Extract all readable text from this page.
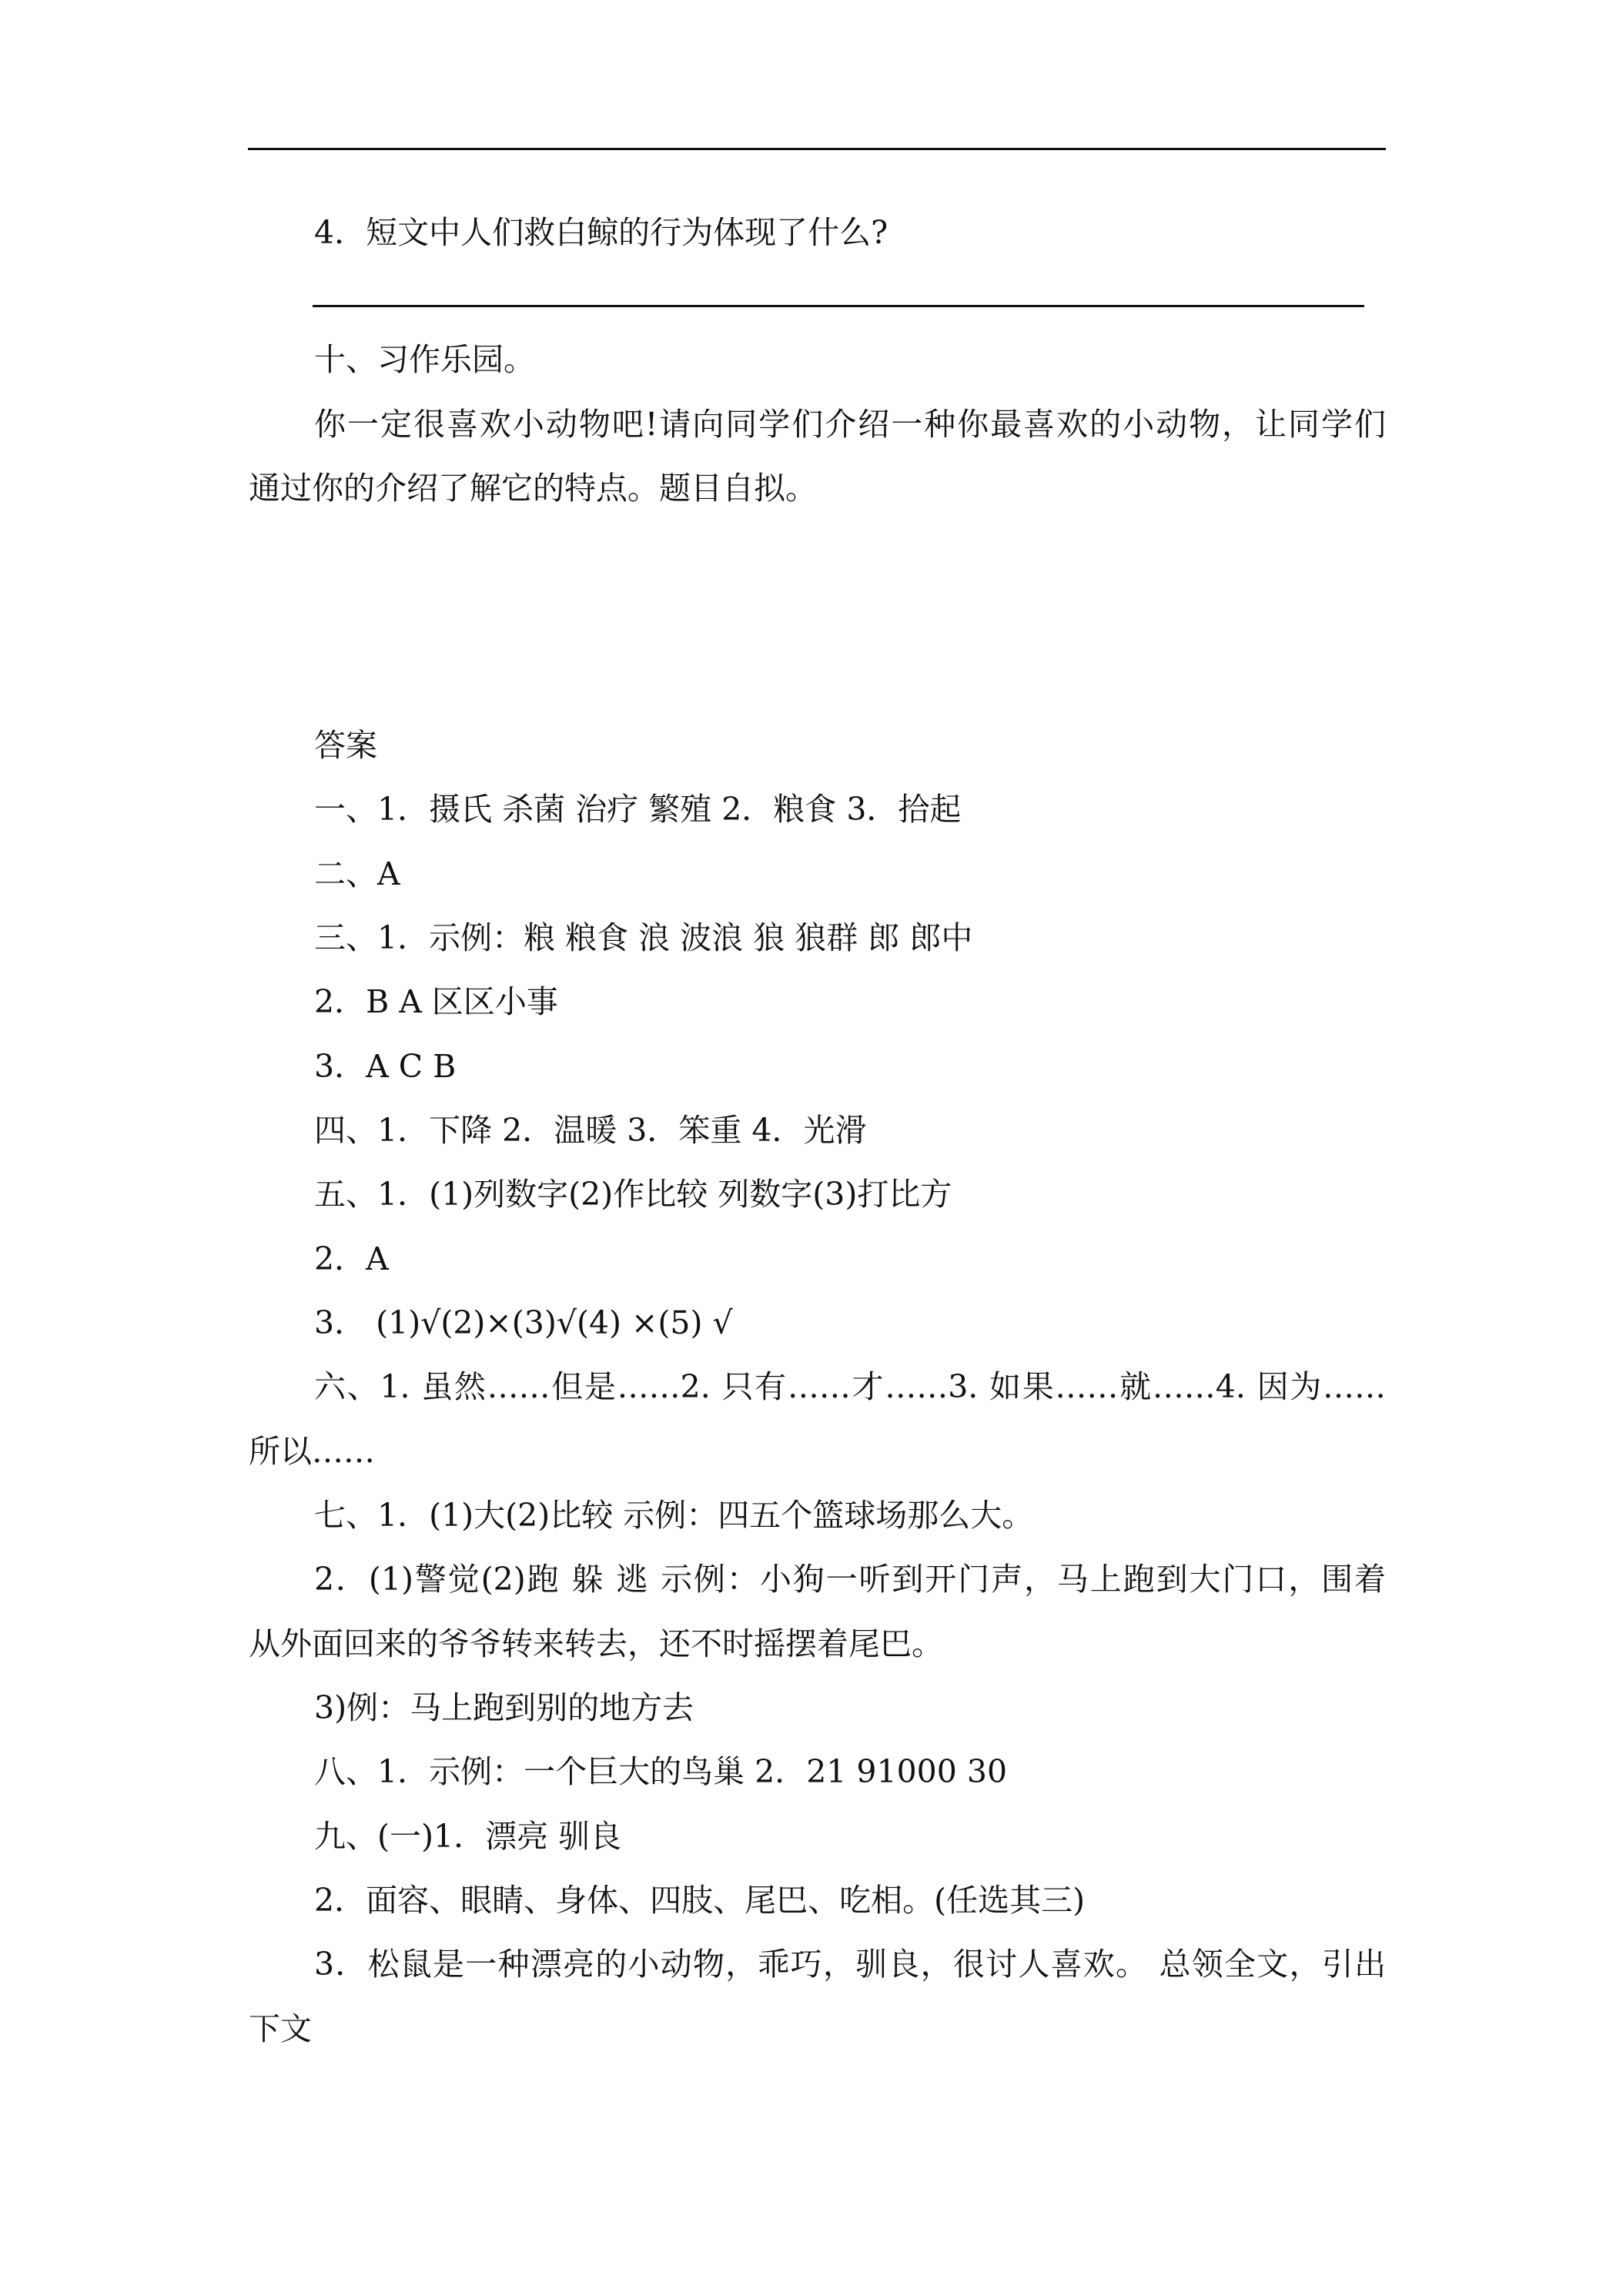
4．短文中人们救白鲸的行为体现了什么?
十、习作乐园。
你一定很喜欢小动物吧!请向同学们介绍一种你最喜欢的小动物，让同学们
通过你的介绍了解它的特点。题目自拟。
答案
一、1．摄氏 杀菌 治疗 繁殖 2．粮食 3．拾起
二、A
三、1．示例：粮 粮食 浪 波浪 狼 狼群 郎 郎中
2．B A 区区小事
3．A C B
四、1．下降 2．温暖 3．笨重 4．光滑
五、1．(1)列数字(2)作比较 列数字(3)打比方
2．A
3． (1)√(2)×(3)√(4) ×(5) √
六、1. 虽然……但是……2. 只有……才……3. 如果……就……4. 因为……
所以……
七、1．(1)大(2)比较 示例：四五个篮球场那么大。
2．(1)警觉(2)跑 躲 逃 示例：小狗一听到开门声，马上跑到大门口，围着
从外面回来的爷爷转来转去，还不时摇摆着尾巴。
3)例：马上跑到别的地方去
八、1．示例：一个巨大的鸟巢 2．21 91000 30
九、(一)1．漂亮 驯良
2．面容、眼睛、身体、四肢、尾巴、吃相。(任选其三)
3．松鼠是一种漂亮的小动物，乖巧，驯良，很讨人喜欢。 总领全文，引出
下文
